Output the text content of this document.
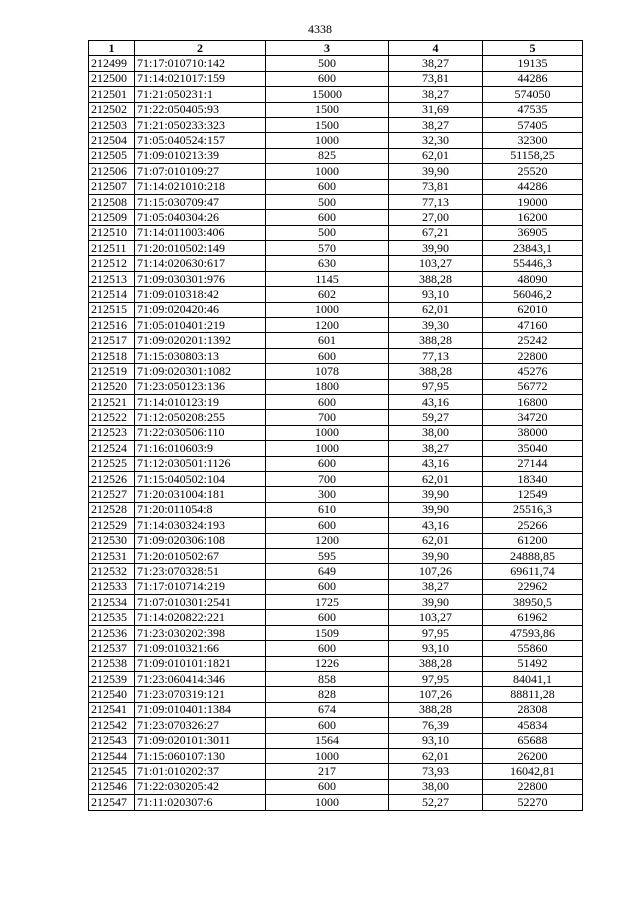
4338
1	2	3	4	5
212499	71:17:010710:142	500	38,27	19135
212500	71:14:021017:159	600	73,81	44286
212501	71:21:050231:1	15000	38,27	574050
212502	71:22:050405:93	1500	31,69	47535
212503	71:21:050233:323	1500	38,27	57405
212504	71:05:040524:157	1000	32,30	32300
212505	71:09:010213:39	825	62,01	51158,25
212506	71:07:010109:27	1000	39,90	25520
212507	71:14:021010:218	600	73,81	44286
212508	71:15:030709:47	500	77,13	19000
212509	71:05:040304:26	600	27,00	16200
212510	71:14:011003:406	500	67,21	36905
212511	71:20:010502:149	570	39,90	23843,1
212512	71:14:020630:617	630	103,27	55446,3
212513	71:09:030301:976	1145	388,28	48090
212514	71:09:010318:42	602	93,10	56046,2
212515	71:09:020420:46	1000	62,01	62010
212516	71:05:010401:219	1200	39,30	47160
212517	71:09:020201:1392	601	388,28	25242
212518	71:15:030803:13	600	77,13	22800
212519	71:09:020301:1082	1078	388,28	45276
212520	71:23:050123:136	1800	97,95	56772
212521	71:14:010123:19	600	43,16	16800
212522	71:12:050208:255	700	59,27	34720
212523	71:22:030506:110	1000	38,00	38000
212524	71:16:010603:9	1000	38,27	35040
212525	71:12:030501:1126	600	43,16	27144
212526	71:15:040502:104	700	62,01	18340
212527	71:20:031004:181	300	39,90	12549
212528	71:20:011054:8	610	39,90	25516,3
212529	71:14:030324:193	600	43,16	25266
212530	71:09:020306:108	1200	62,01	61200
212531	71:20:010502:67	595	39,90	24888,85
212532	71:23:070328:51	649	107,26	69611,74
212533	71:17:010714:219	600	38,27	22962
212534	71:07:010301:2541	1725	39,90	38950,5
212535	71:14:020822:221	600	103,27	61962
212536	71:23:030202:398	1509	97,95	47593,86
212537	71:09:010321:66	600	93,10	55860
212538	71:09:010101:1821	1226	388,28	51492
212539	71:23:060414:346	858	97,95	84041,1
212540	71:23:070319:121	828	107,26	88811,28
212541	71:09:010401:1384	674	388,28	28308
212542	71:23:070326:27	600	76,39	45834
212543	71:09:020101:3011	1564	93,10	65688
212544	71:15:060107:130	1000	62,01	26200
212545	71:01:010202:37	217	73,93	16042,81
212546	71:22:030205:42	600	38,00	22800
212547	71:11:020307:6	1000	52,27	52270
